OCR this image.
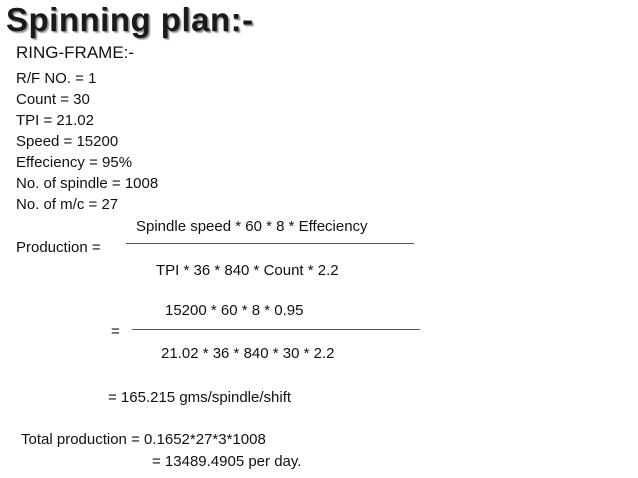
Spinning plan:-
RING-FRAME:-
R/F NO. = 1
Count = 30
TPI = 21.02
Speed = 15200
Effeciency = 95%
No. of spindle = 1008
No. of m/c = 27
Spindle speed * 60 * 8 * Effeciency
Production =
TPI * 36 * 840 * Count * 2.2
15200 * 60 * 8 * 0.95
=
21.02 * 36 * 840 * 30 * 2.2
= 165.215 gms/spindle/shift
Total production = 0.1652*27*3*1008
= 13489.4905 per day.
